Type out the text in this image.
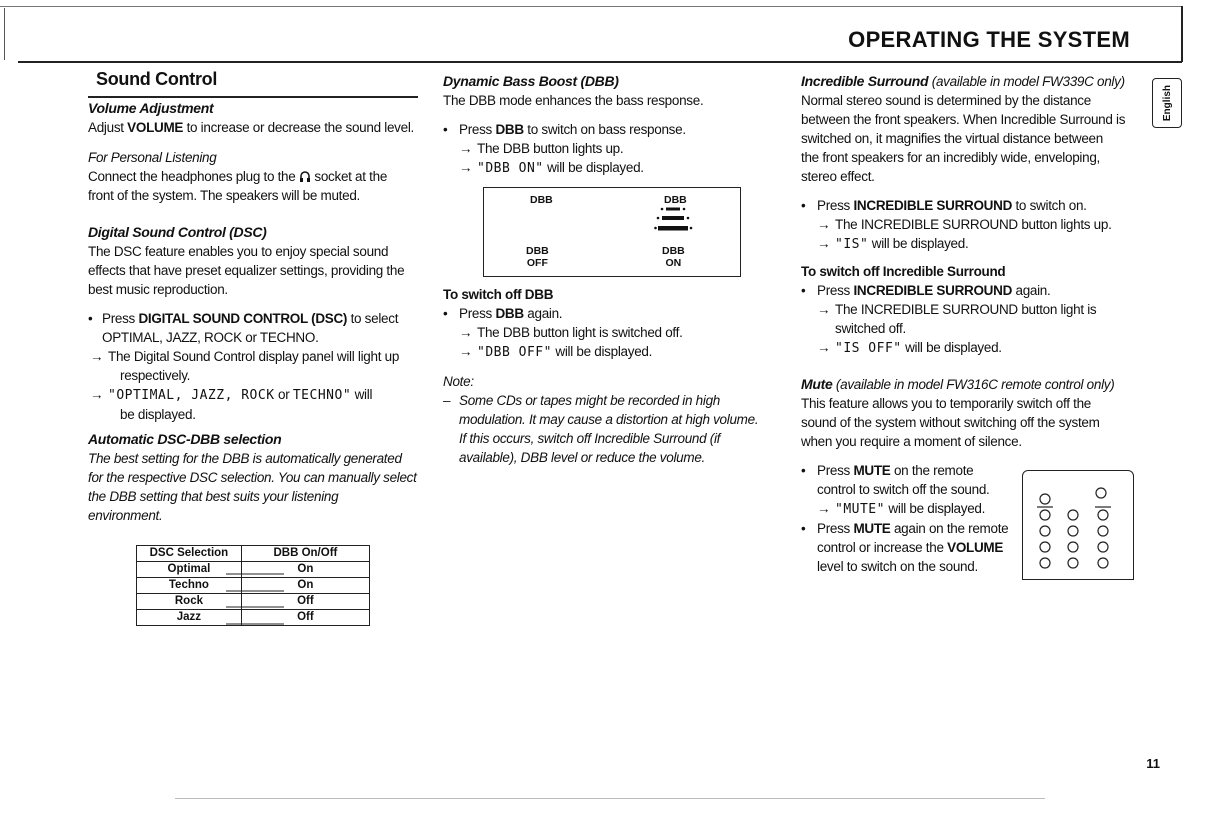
OPERATING THE SYSTEM
English
Sound Control

Volume Adjustment

Adjust VOLUME to increase or decrease the sound level.

For Personal Listening

Connect the headphones plug to the  socket at the

front of the system. The speakers will be muted.

Digital Sound Control (DSC)

The DSC feature enables you to enjoy special sound

effects that have preset equalizer settings, providing the

best music reproduction.

• Press DIGITAL SOUND CONTROL (DSC) to select

OPTIMAL, JAZZ, ROCK or TECHNO.

→ The Digital Sound Control display panel will light up

respectively.

→ "OPTIMAL, JAZZ, ROCK or TECHNO" will

be displayed.

Automatic DSC-DBB selection

The best setting for the DBB is automatically generated

for the respective DSC selection. You can manually select

the DBB setting that best suits your listening

environment.

DSC Selection	DBB On/Off
Optimal	On
Techno	On
Rock	Off
Jazz	Off

Dynamic Bass Boost (DBB)

The DBB mode enhances the bass response.

• Press DBB to switch on bass response.

→ The DBB button lights up.

→ "DBB ON" will be displayed.

DBB
DBB
OFF
DBB
DBB
ON

To switch off DBB

• Press DBB again.

→ The DBB button light is switched off.

→ "DBB OFF" will be displayed.

Note:

– Some CDs or tapes might be recorded in high

modulation. It may cause a distortion at high volume.

If this occurs, switch off Incredible Surround (if

available), DBB level or reduce the volume.

Incredible Surround (available in model FW339C only)

Normal stereo sound is determined by the distance

between the front speakers. When Incredible Surround is

switched on, it magnifies the virtual distance between

the front speakers for an incredibly wide, enveloping,

stereo effect.

• Press INCREDIBLE SURROUND to switch on.

→ The INCREDIBLE SURROUND button lights up.

→ "IS" will be displayed.

To switch off Incredible Surround

• Press INCREDIBLE SURROUND again.

→ The INCREDIBLE SURROUND button light is

switched off.

→ "IS OFF" will be displayed.

Mute (available in model FW316C remote control only)

This feature allows you to temporarily switch off the

sound of the system without switching off the system

when you require a moment of silence.

• Press MUTE on the remote

control to switch off the sound.

→ "MUTE" will be displayed.

• Press MUTE again on the remote

control or increase the VOLUME

level to switch on the sound.

11
